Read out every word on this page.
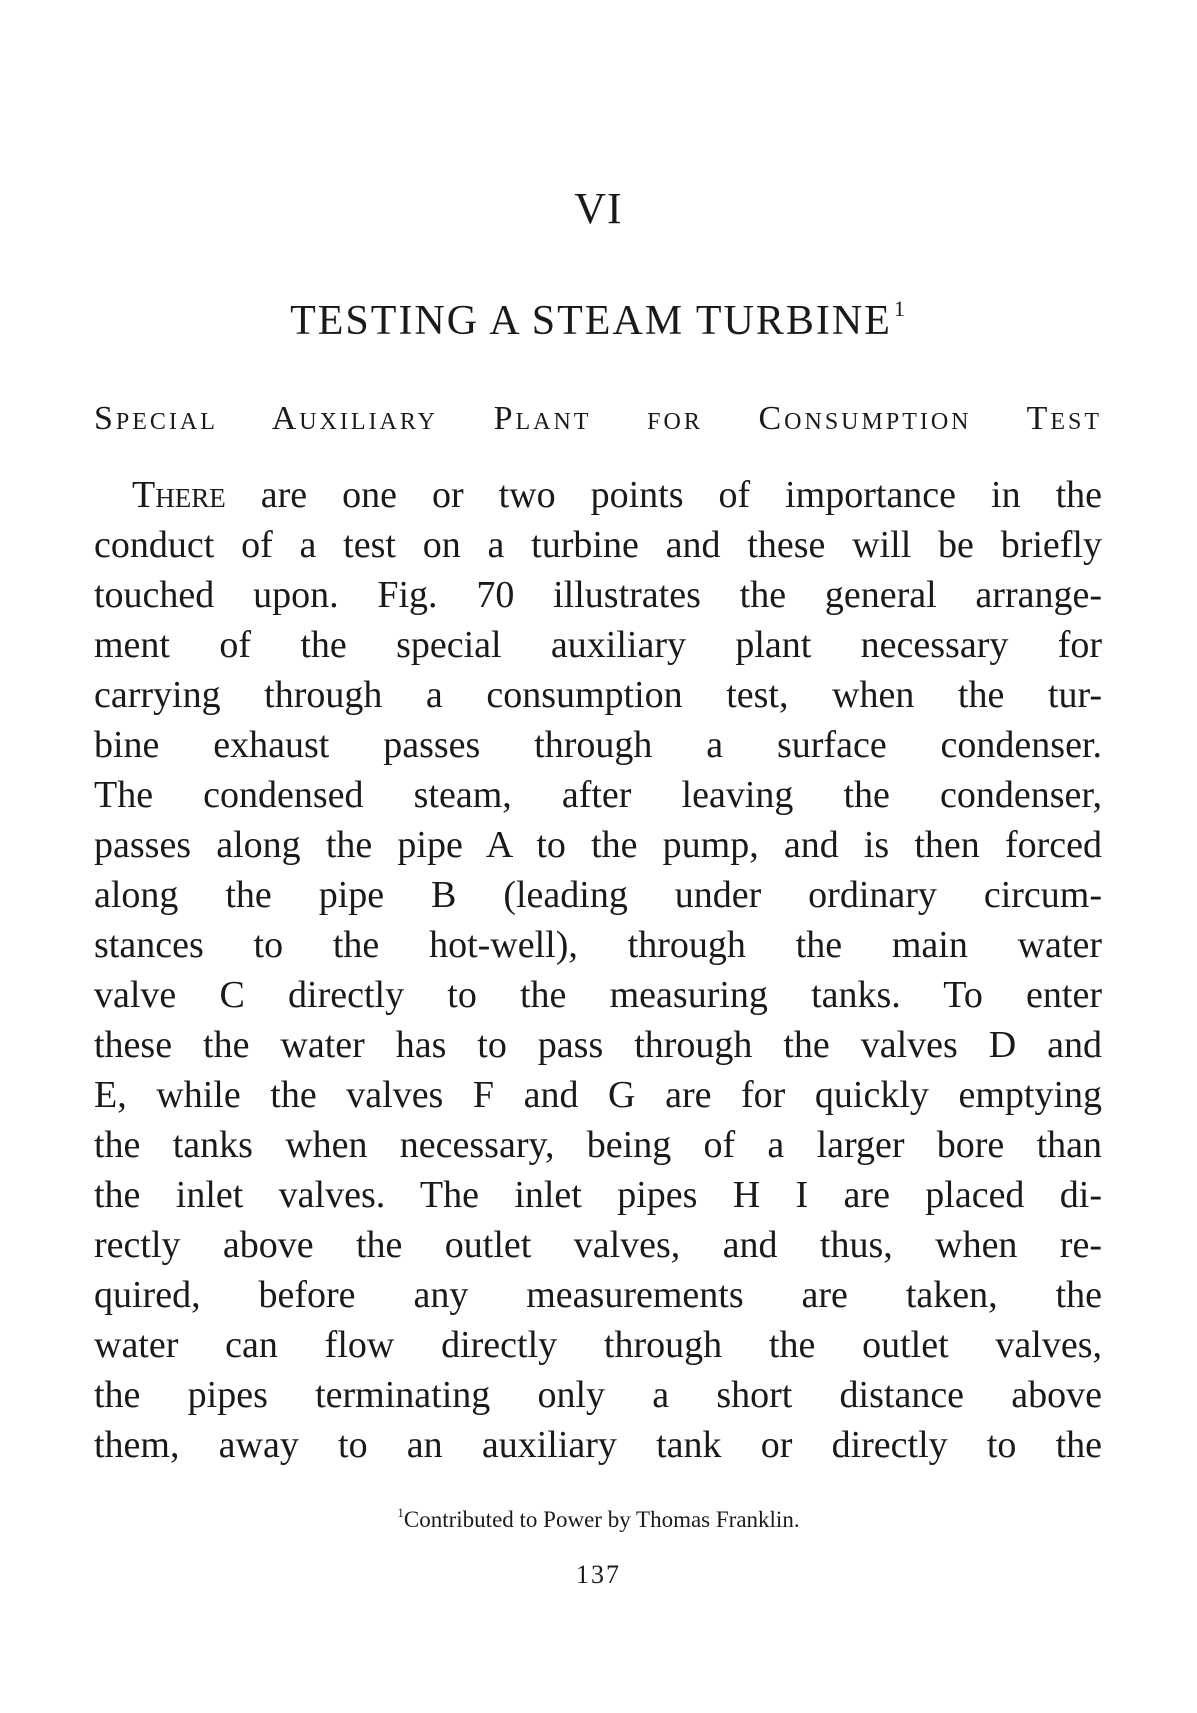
VI
TESTING A STEAM TURBINE$^1$
Special Auxiliary Plant for Consumption Test
There are one or two points of importance in the
conduct of a test on a turbine and these will be briefly
touched upon. Fig. 70 illustrates the general arrange-
ment of the special auxiliary plant necessary for
carrying through a consumption test, when the tur-
bine exhaust passes through a surface condenser.
The condensed steam, after leaving the condenser,
passes along the pipe A to the pump, and is then forced
along the pipe B (leading under ordinary circum-
stances to the hot-well), through the main water
valve C directly to the measuring tanks. To enter
these the water has to pass through the valves D and
E, while the valves F and G are for quickly emptying
the tanks when necessary, being of a larger bore than
the inlet valves. The inlet pipes H I are placed di-
rectly above the outlet valves, and thus, when re-
quired, before any measurements are taken, the
water can flow directly through the outlet valves,
the pipes terminating only a short distance above
them, away to an auxiliary tank or directly to the
$^1$Contributed to Power by Thomas Franklin.
137
